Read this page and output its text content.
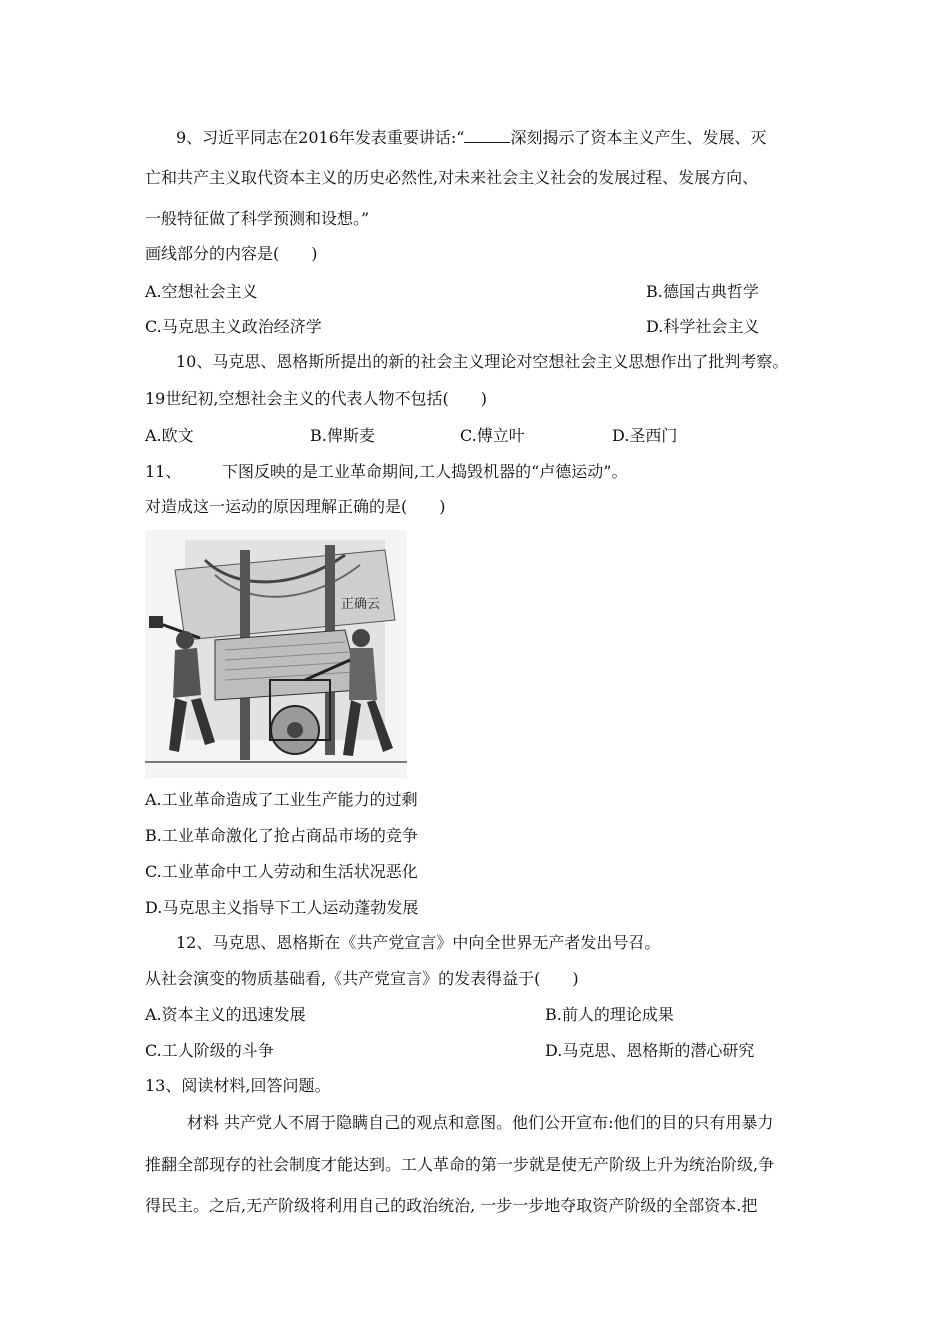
9、习近平同志在2016年发表重要讲话:“	深刻揭示了资本主义产生、发展、灭
亡和共产主义取代资本主义的历史必然性,对未来社会主义社会的发展过程、发展方向、
一般特征做了科学预测和设想。”
画线部分的内容是(　　)
A.空想社会主义	B.德国古典哲学
C.马克思主义政治经济学	D.科学社会主义
10、马克思、恩格斯所提出的新的社会主义理论对空想社会主义思想作出了批判考察。
19世纪初,空想社会主义的代表人物不包括(　　)
A.欧文	B.俾斯麦	C.傅立叶	D.圣西门
11、	下图反映的是工业革命期间,工人捣毁机器的“卢德运动”。
对造成这一运动的原因理解正确的是(　　)
正确云
A.工业革命造成了工业生产能力的过剩
B.工业革命激化了抢占商品市场的竞争
C.工业革命中工人劳动和生活状况恶化
D.马克思主义指导下工人运动蓬勃发展
12、马克思、恩格斯在《共产党宣言》中向全世界无产者发出号召。
从社会演变的物质基础看,《共产党宣言》的发表得益于(　　)
A.资本主义的迅速发展	B.前人的理论成果
C.工人阶级的斗争	D.马克思、恩格斯的潜心研究
13、阅读材料,回答问题。
材料 共产党人不屑于隐瞒自己的观点和意图。他们公开宣布:他们的目的只有用暴力
推翻全部现存的社会制度才能达到。工人革命的第一步就是使无产阶级上升为统治阶级,争
得民主。之后,无产阶级将利用自己的政治统治, 一步一步地夺取资产阶级的全部资本.把
